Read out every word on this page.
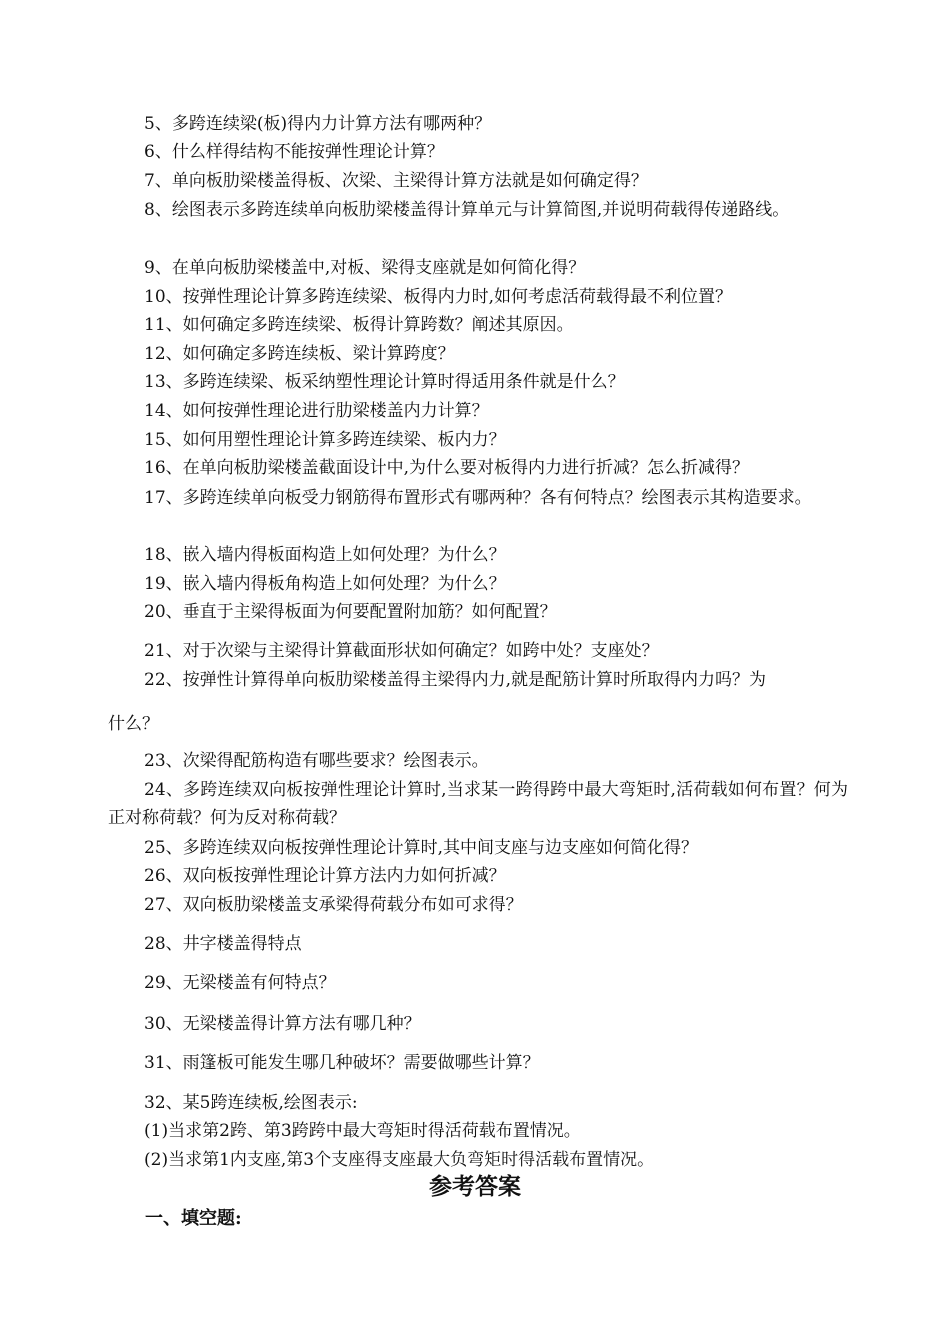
5、多跨连续梁(板)得内力计算方法有哪两种？
6、什么样得结构不能按弹性理论计算？
7、单向板肋梁楼盖得板、次梁、主梁得计算方法就是如何确定得？
8、绘图表示多跨连续单向板肋梁楼盖得计算单元与计算简图,并说明荷载得传递路线。
9、在单向板肋梁楼盖中,对板、梁得支座就是如何简化得？
10、按弹性理论计算多跨连续梁、板得内力时,如何考虑活荷载得最不利位置？
11、如何确定多跨连续梁、板得计算跨数？阐述其原因。
12、如何确定多跨连续板、梁计算跨度？
13、多跨连续梁、板采纳塑性理论计算时得适用条件就是什么？
14、如何按弹性理论进行肋梁楼盖内力计算？
15、如何用塑性理论计算多跨连续梁、板内力？
16、在单向板肋梁楼盖截面设计中,为什么要对板得内力进行折减？怎么折减得？
17、多跨连续单向板受力钢筋得布置形式有哪两种？各有何特点？绘图表示其构造要求。
18、嵌入墙内得板面构造上如何处理？为什么？
19、嵌入墙内得板角构造上如何处理？为什么？
20、垂直于主梁得板面为何要配置附加筋？如何配置？
21、对于次梁与主梁得计算截面形状如何确定？如跨中处？支座处？
22、按弹性计算得单向板肋梁楼盖得主梁得内力,就是配筋计算时所取得内力吗？为
什么？
23、次梁得配筋构造有哪些要求？绘图表示。
24、多跨连续双向板按弹性理论计算时,当求某一跨得跨中最大弯矩时,活荷载如何布置？何为正对称荷载？何为反对称荷载？
25、多跨连续双向板按弹性理论计算时,其中间支座与边支座如何简化得？
26、双向板按弹性理论计算方法内力如何折减？
27、双向板肋梁楼盖支承梁得荷载分布如可求得？
28、井字楼盖得特点
29、无梁楼盖有何特点？
30、无梁楼盖得计算方法有哪几种？
31、雨篷板可能发生哪几种破坏？需要做哪些计算？
32、某5跨连续板,绘图表示:
(1)当求第2跨、第3跨跨中最大弯矩时得活荷载布置情况。
(2)当求第1内支座,第3个支座得支座最大负弯矩时得活载布置情况。
参考答案
一、填空题:
